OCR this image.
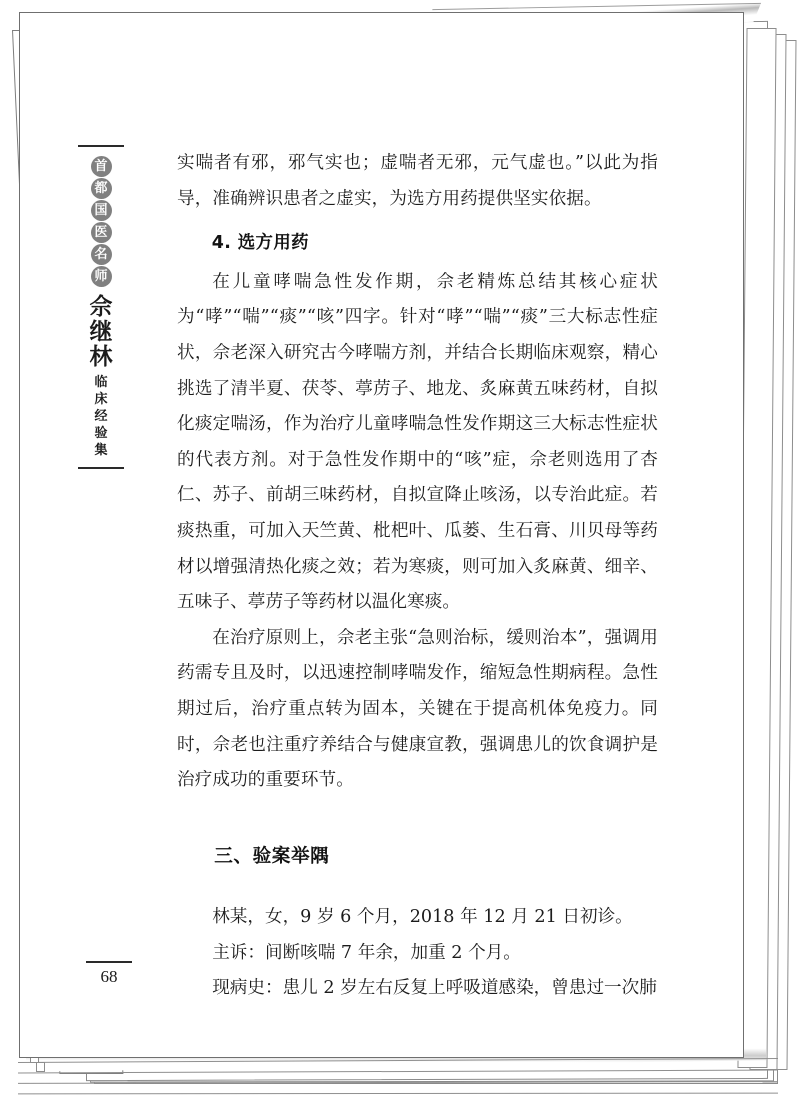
首
都
国
医
名
师
佘
继
林
临
床
经
验
集
68

实喘者有邪，邪气实也；虚喘者无邪，元气虚也。”以此为指导，准确辨识患者之虚实，为选方用药提供坚实依据。

4. 选方用药

在儿童哮喘急性发作期，佘老精炼总结其核心症状为“哮”“喘”“痰”“咳”四字。针对“哮”“喘”“痰”三大标志性症状，佘老深入研究古今哮喘方剂，并结合长期临床观察，精心挑选了清半夏、茯苓、葶苈子、地龙、炙麻黄五味药材，自拟化痰定喘汤，作为治疗儿童哮喘急性发作期这三大标志性症状的代表方剂。对于急性发作期中的“咳”症，佘老则选用了杏仁、苏子、前胡三味药材，自拟宣降止咳汤，以专治此症。若痰热重，可加入天竺黄、枇杷叶、瓜蒌、生石膏、川贝母等药材以增强清热化痰之效；若为寒痰，则可加入炙麻黄、细辛、五味子、葶苈子等药材以温化寒痰。

在治疗原则上，佘老主张“急则治标，缓则治本”，强调用药需专且及时，以迅速控制哮喘发作，缩短急性期病程。急性期过后，治疗重点转为固本，关键在于提高机体免疫力。同时，佘老也注重疗养结合与健康宣教，强调患儿的饮食调护是治疗成功的重要环节。

三、验案举隅

林某，女，9 岁 6 个月，2018 年 12 月 21 日初诊。

主诉：间断咳喘 7 年余，加重 2 个月。

现病史：患儿 2 岁左右反复上呼吸道感染，曾患过一次肺
